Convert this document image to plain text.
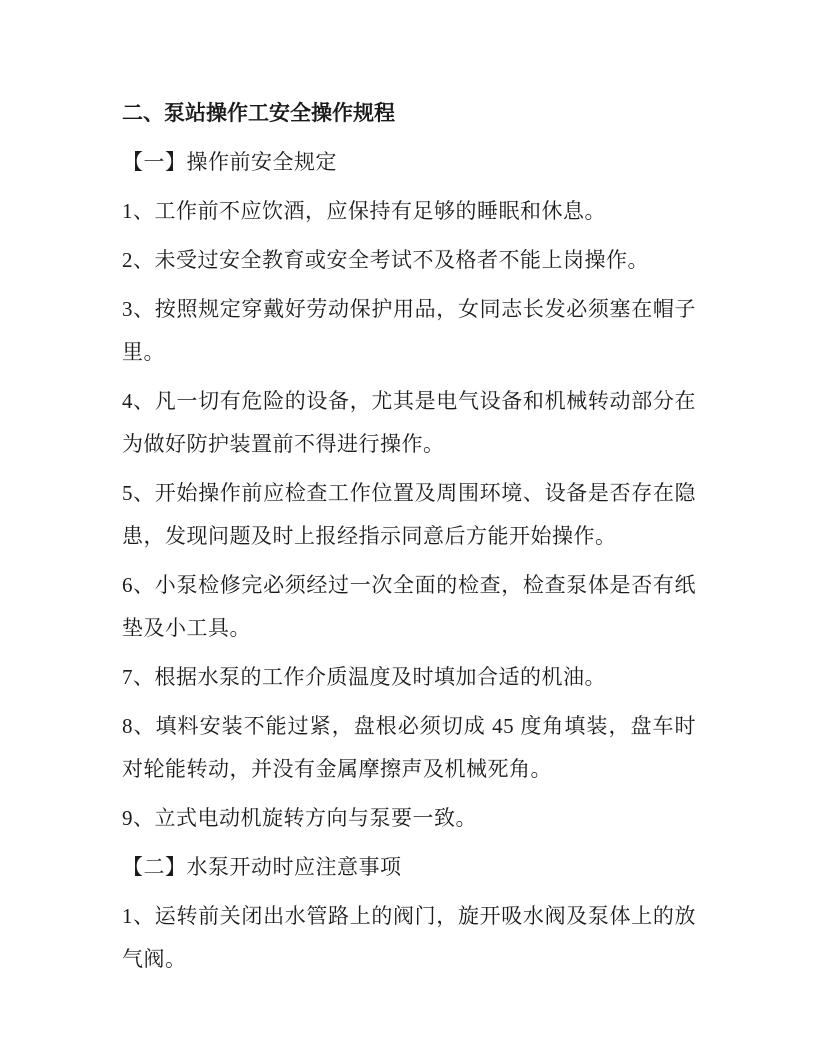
二、泵站操作工安全操作规程

【一】操作前安全规定

1、工作前不应饮酒，应保持有足够的睡眠和休息。

2、未受过安全教育或安全考试不及格者不能上岗操作。

3、按照规定穿戴好劳动保护用品，女同志长发必须塞在帽子里。

4、凡一切有危险的设备，尤其是电气设备和机械转动部分在为做好防护装置前不得进行操作。

5、开始操作前应检查工作位置及周围环境、设备是否存在隐患，发现问题及时上报经指示同意后方能开始操作。

6、小泵检修完必须经过一次全面的检查，检查泵体是否有纸垫及小工具。

7、根据水泵的工作介质温度及时填加合适的机油。

8、填料安装不能过紧，盘根必须切成 45 度角填装，盘车时对轮能转动，并没有金属摩擦声及机械死角。

9、立式电动机旋转方向与泵要一致。

【二】水泵开动时应注意事项

1、运转前关闭出水管路上的阀门，旋开吸水阀及泵体上的放气阀。
